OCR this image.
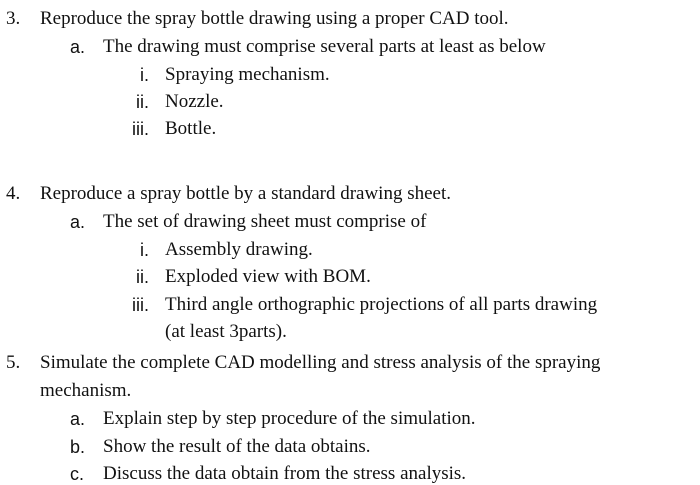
3. Reproduce the spray bottle drawing using a proper CAD tool.
a. The drawing must comprise several parts at least as below
i. Spraying mechanism.
ii. Nozzle.
iii. Bottle.
4. Reproduce a spray bottle by a standard drawing sheet.
a. The set of drawing sheet must comprise of
i. Assembly drawing.
ii. Exploded view with BOM.
iii. Third angle orthographic projections of all parts drawing
(at least 3parts).
5. Simulate the complete CAD modelling and stress analysis of the spraying
mechanism.
a. Explain step by step procedure of the simulation.
b. Show the result of the data obtains.
c. Discuss the data obtain from the stress analysis.
